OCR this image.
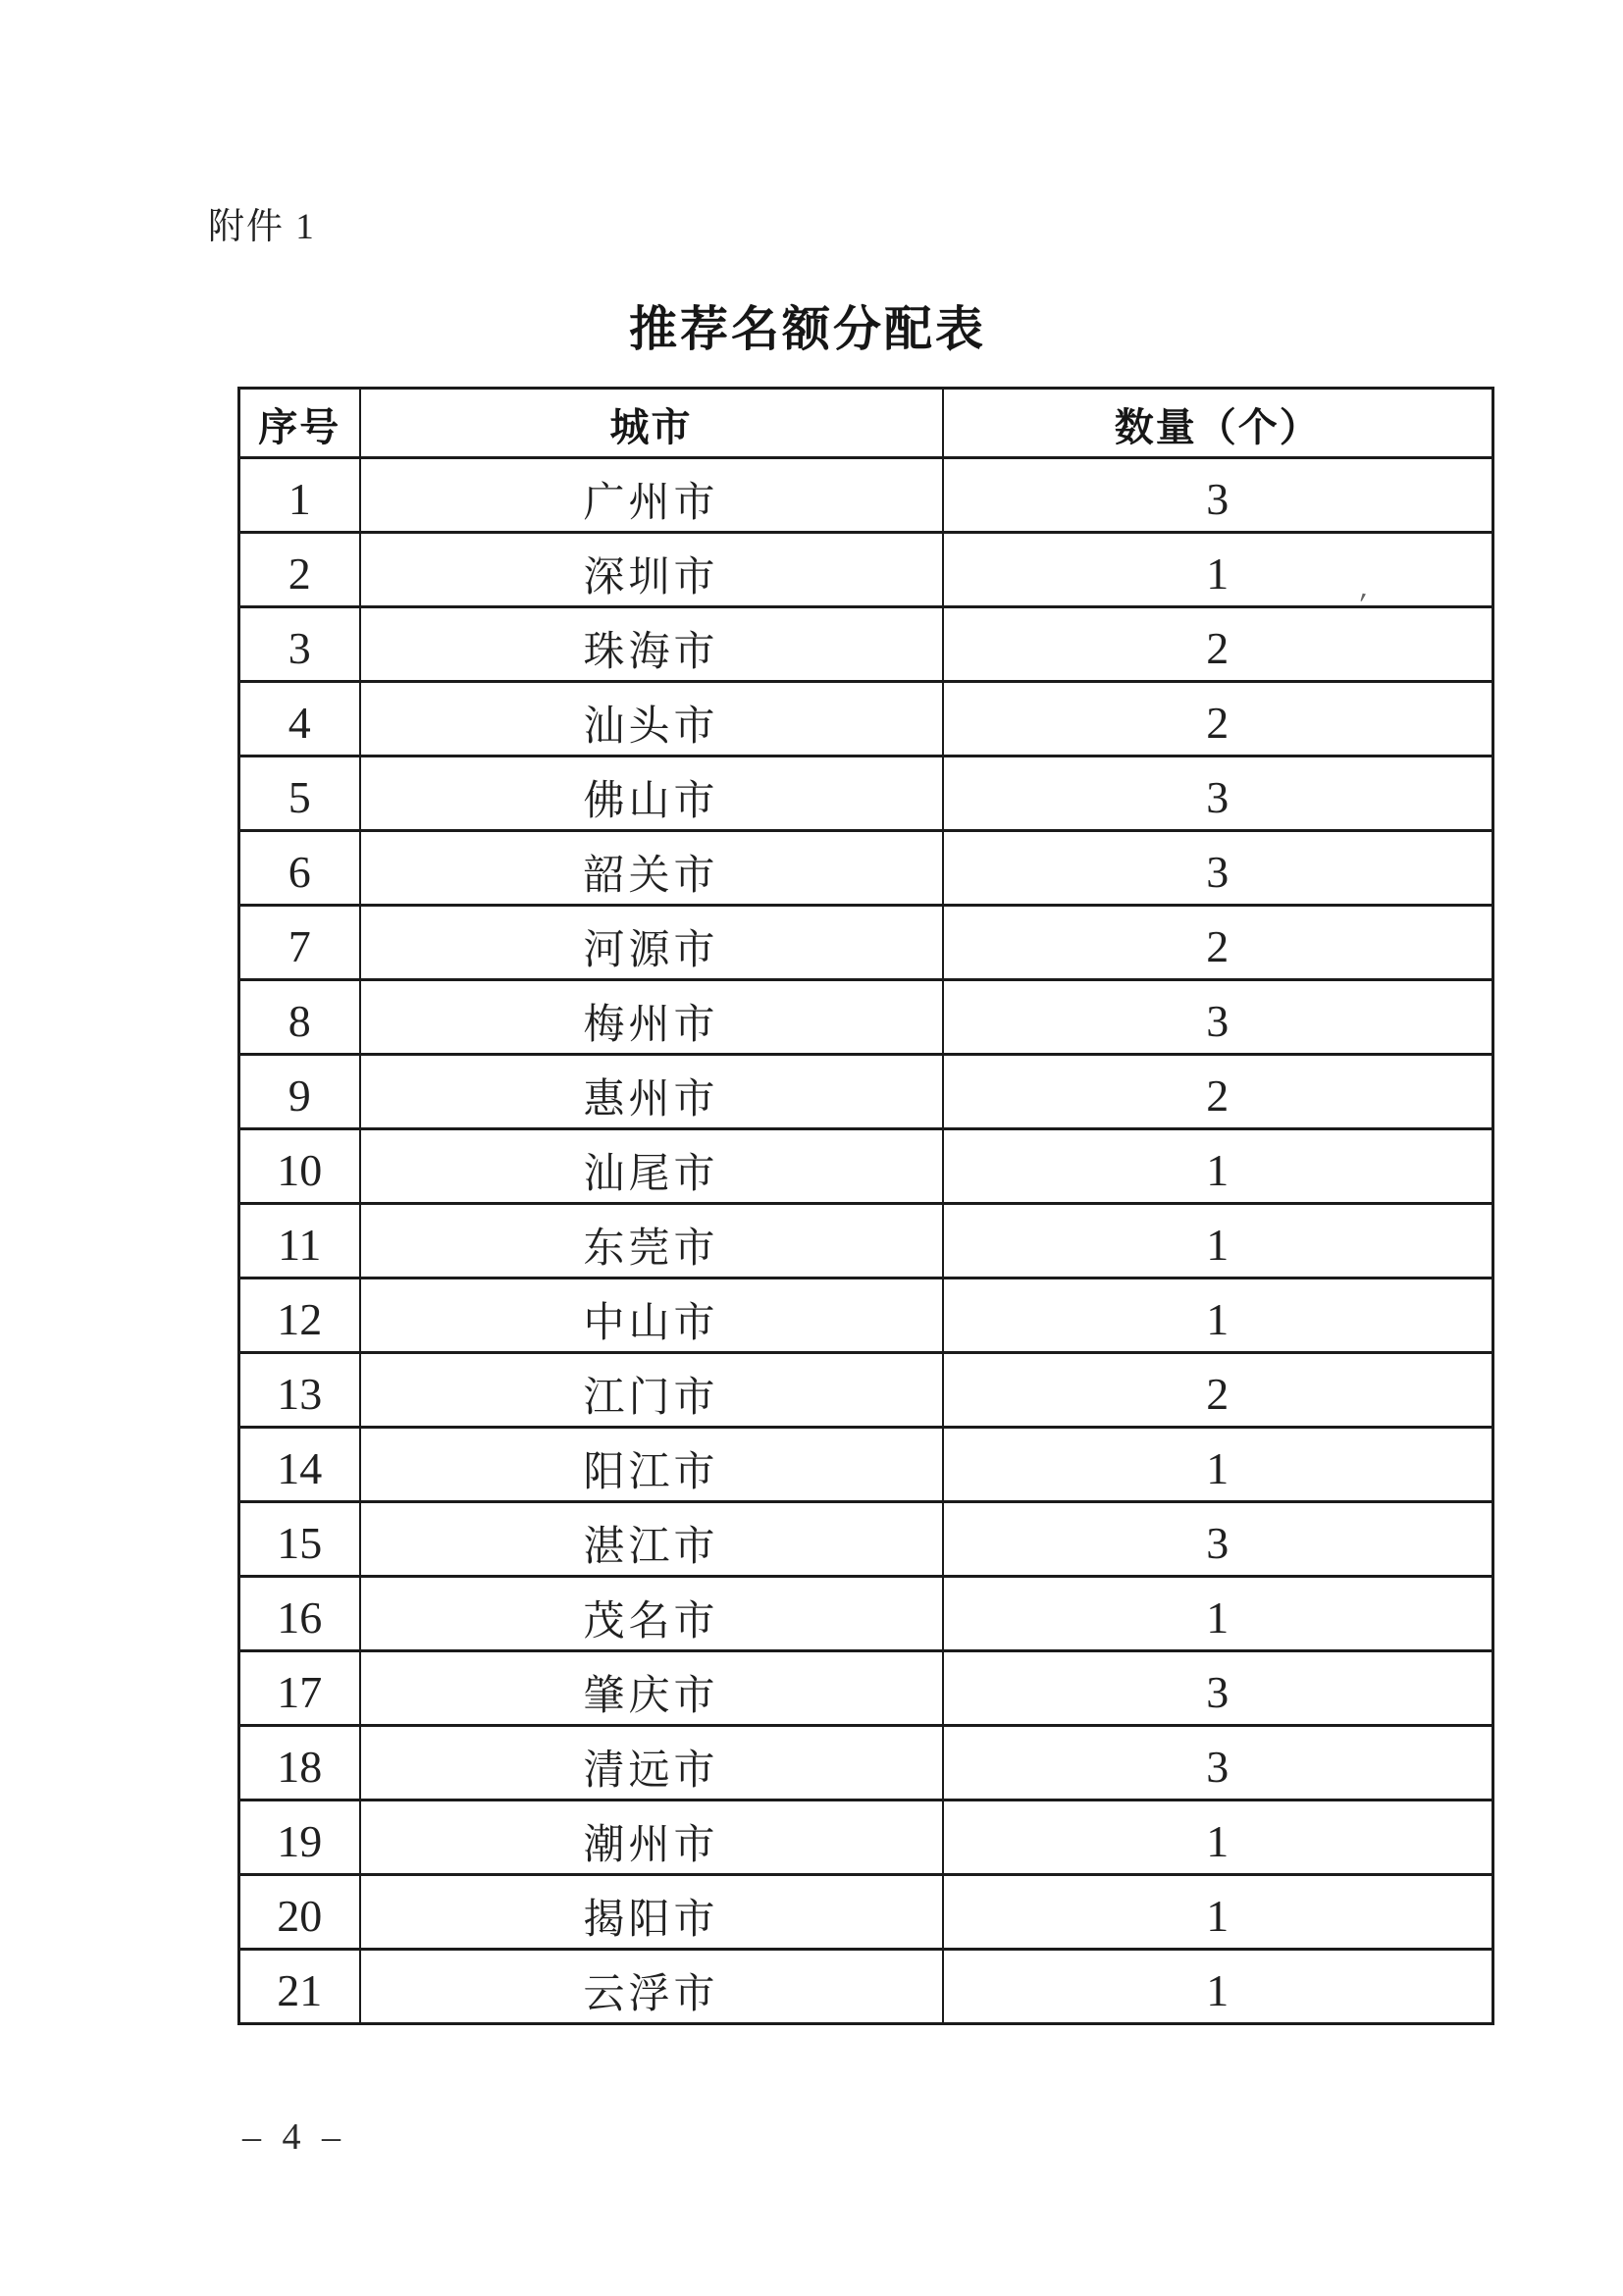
附件 1
推荐名额分配表
序号	城市	数量（个）
1	广州市	3
2	深圳市	1
3	珠海市	2
4	汕头市	2
5	佛山市	3
6	韶关市	3
7	河源市	2
8	梅州市	3
9	惠州市	2
10	汕尾市	1
11	东莞市	1
12	中山市	1
13	江门市	2
14	阳江市	1
15	湛江市	3
16	茂名市	1
17	肇庆市	3
18	清远市	3
19	潮州市	1
20	揭阳市	1
21	云浮市	1
′
– 4 –
